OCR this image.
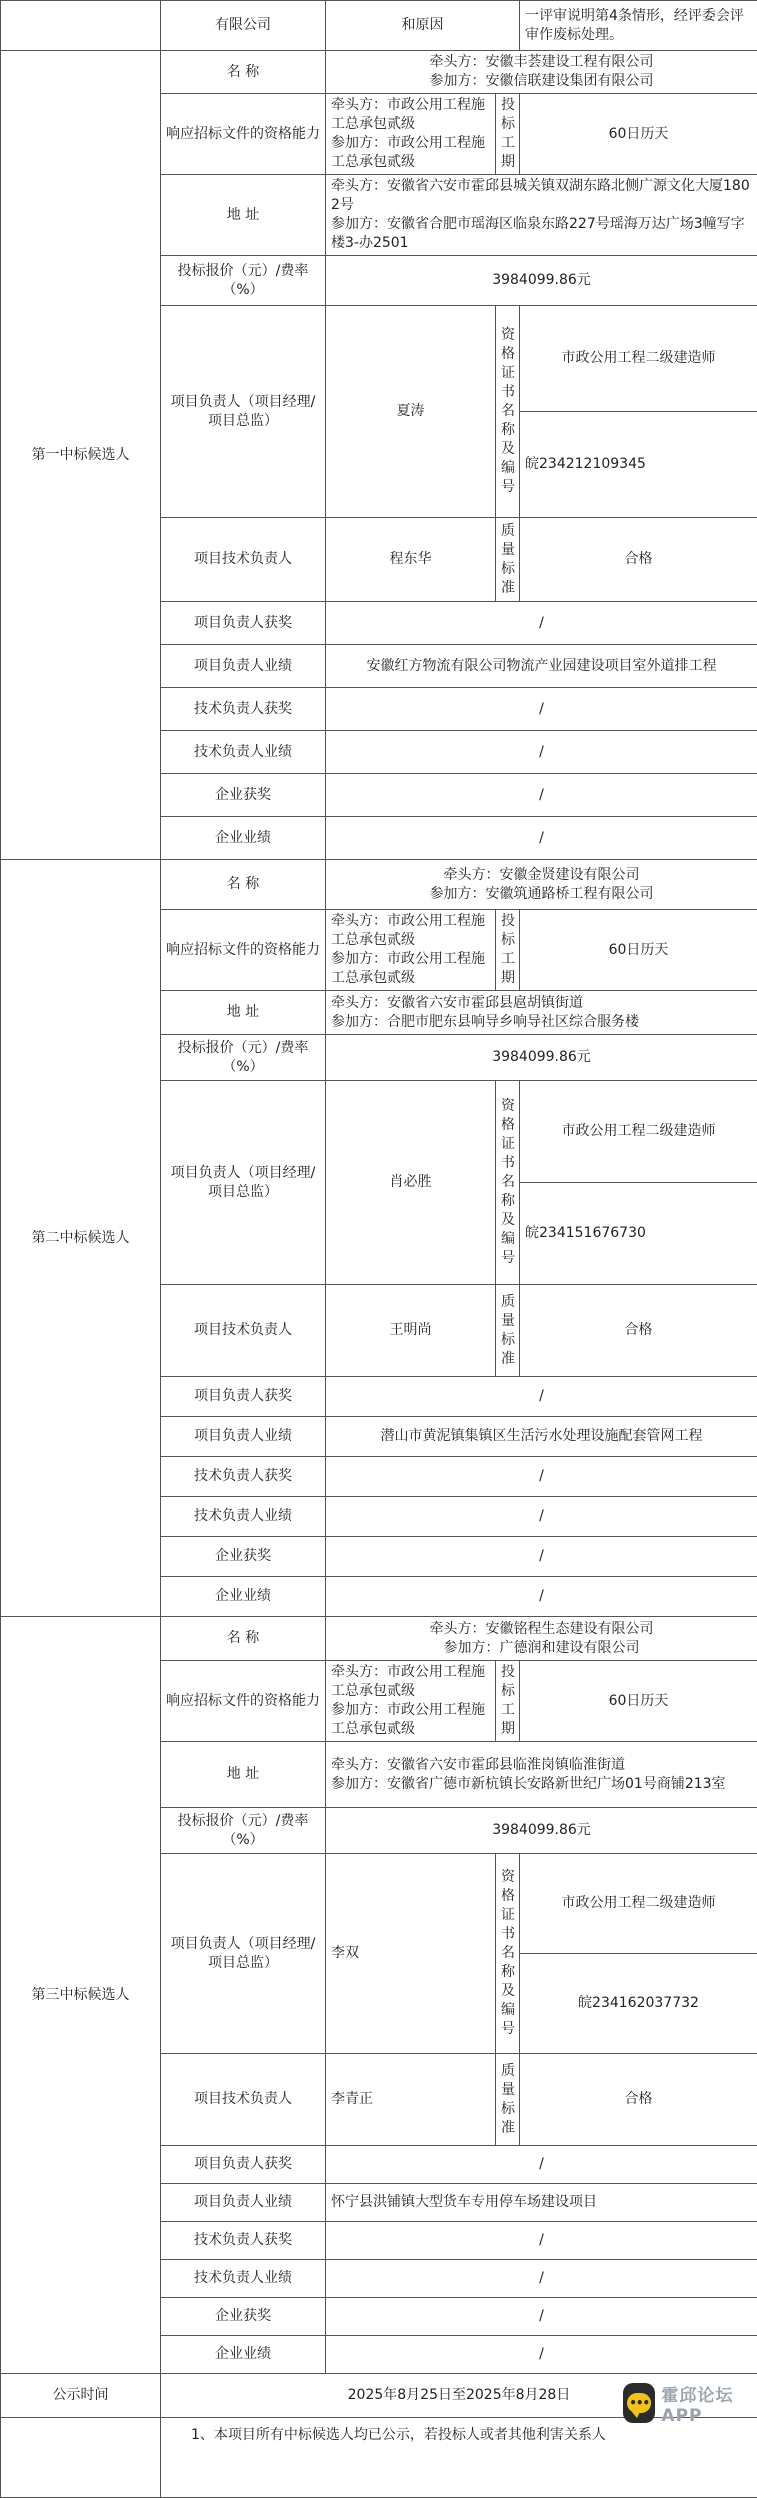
	有限公司	和原因		一评审说明第4条情形，经评委会评审作废标处理。
第一中标候选人	名 称	牵头方：安徽丰荟建设工程有限公司
参加方：安徽信联建设集团有限公司		
	响应招标文件的资格能力	牵头方：市政公用工程施工总承包贰级
参加方：市政公用工程施工总承包贰级	投标工期	60日历天
	地 址	牵头方：安徽省六安市霍邱县城关镇双湖东路北侧广源文化大厦1802号
参加方：安徽省合肥市瑶海区临泉东路227号瑶海万达广场3幢写字楼3-办2501		
	投标报价（元）/费率（%）	3984099.86元		
	项目负责人（项目经理/项目总监）	夏涛	资格证书名称及编号	市政公用工程二级建造师
				皖234212109345
	项目技术负责人	程东华	质量标准	合格
	项目负责人获奖	/		
	项目负责人业绩	安徽红方物流有限公司物流产业园建设项目室外道排工程		
	技术负责人获奖	/		
	技术负责人业绩	/		
	企业获奖	/		
	企业业绩	/		

第二中标候选人	名 称	牵头方：安徽金贤建设有限公司
参加方：安徽筑通路桥工程有限公司		
	响应招标文件的资格能力	牵头方：市政公用工程施工总承包贰级
参加方：市政公用工程施工总承包贰级	投标工期	60日历天
	地 址	牵头方：安徽省六安市霍邱县扈胡镇街道
参加方：合肥市肥东县响导乡响导社区综合服务楼		
	投标报价（元）/费率（%）	3984099.86元		
	项目负责人（项目经理/项目总监）	肖必胜	资格证书名称及编号	市政公用工程二级建造师
				皖234151676730
	项目技术负责人	王明尚	质量标准	合格
	项目负责人获奖	/		
	项目负责人业绩	潜山市黄泥镇集镇区生活污水处理设施配套管网工程		
	技术负责人获奖	/		
	技术负责人业绩	/		
	企业获奖	/		
	企业业绩	/		
第三中标候选人	名 称	牵头方：安徽铭程生态建设有限公司
参加方：广德润和建设有限公司		
	响应招标文件的资格能力	牵头方：市政公用工程施工总承包贰级
参加方：市政公用工程施工总承包贰级	投标工期	60日历天
	地 址	牵头方：安徽省六安市霍邱县临淮岗镇临淮街道
参加方：安徽省广德市新杭镇长安路新世纪广场01号商铺213室		
	投标报价（元）/费率（%）	3984099.86元		
	项目负责人（项目经理/项目总监）	李双	资格证书名称及编号	市政公用工程二级建造师
				皖234162037732
	项目技术负责人	李青正	质量标准	合格
	项目负责人获奖	/		
	项目负责人业绩	怀宁县洪铺镇大型货车专用停车场建设项目		
	技术负责人获奖	/		
	技术负责人业绩	/		
	企业获奖	/		
	企业业绩	/		
公示时间	2025年8月25日至2025年8月28日			
	1、本项目所有中标候选人均已公示，若投标人或者其他利害关系人			
••• 霍邱论坛APP
